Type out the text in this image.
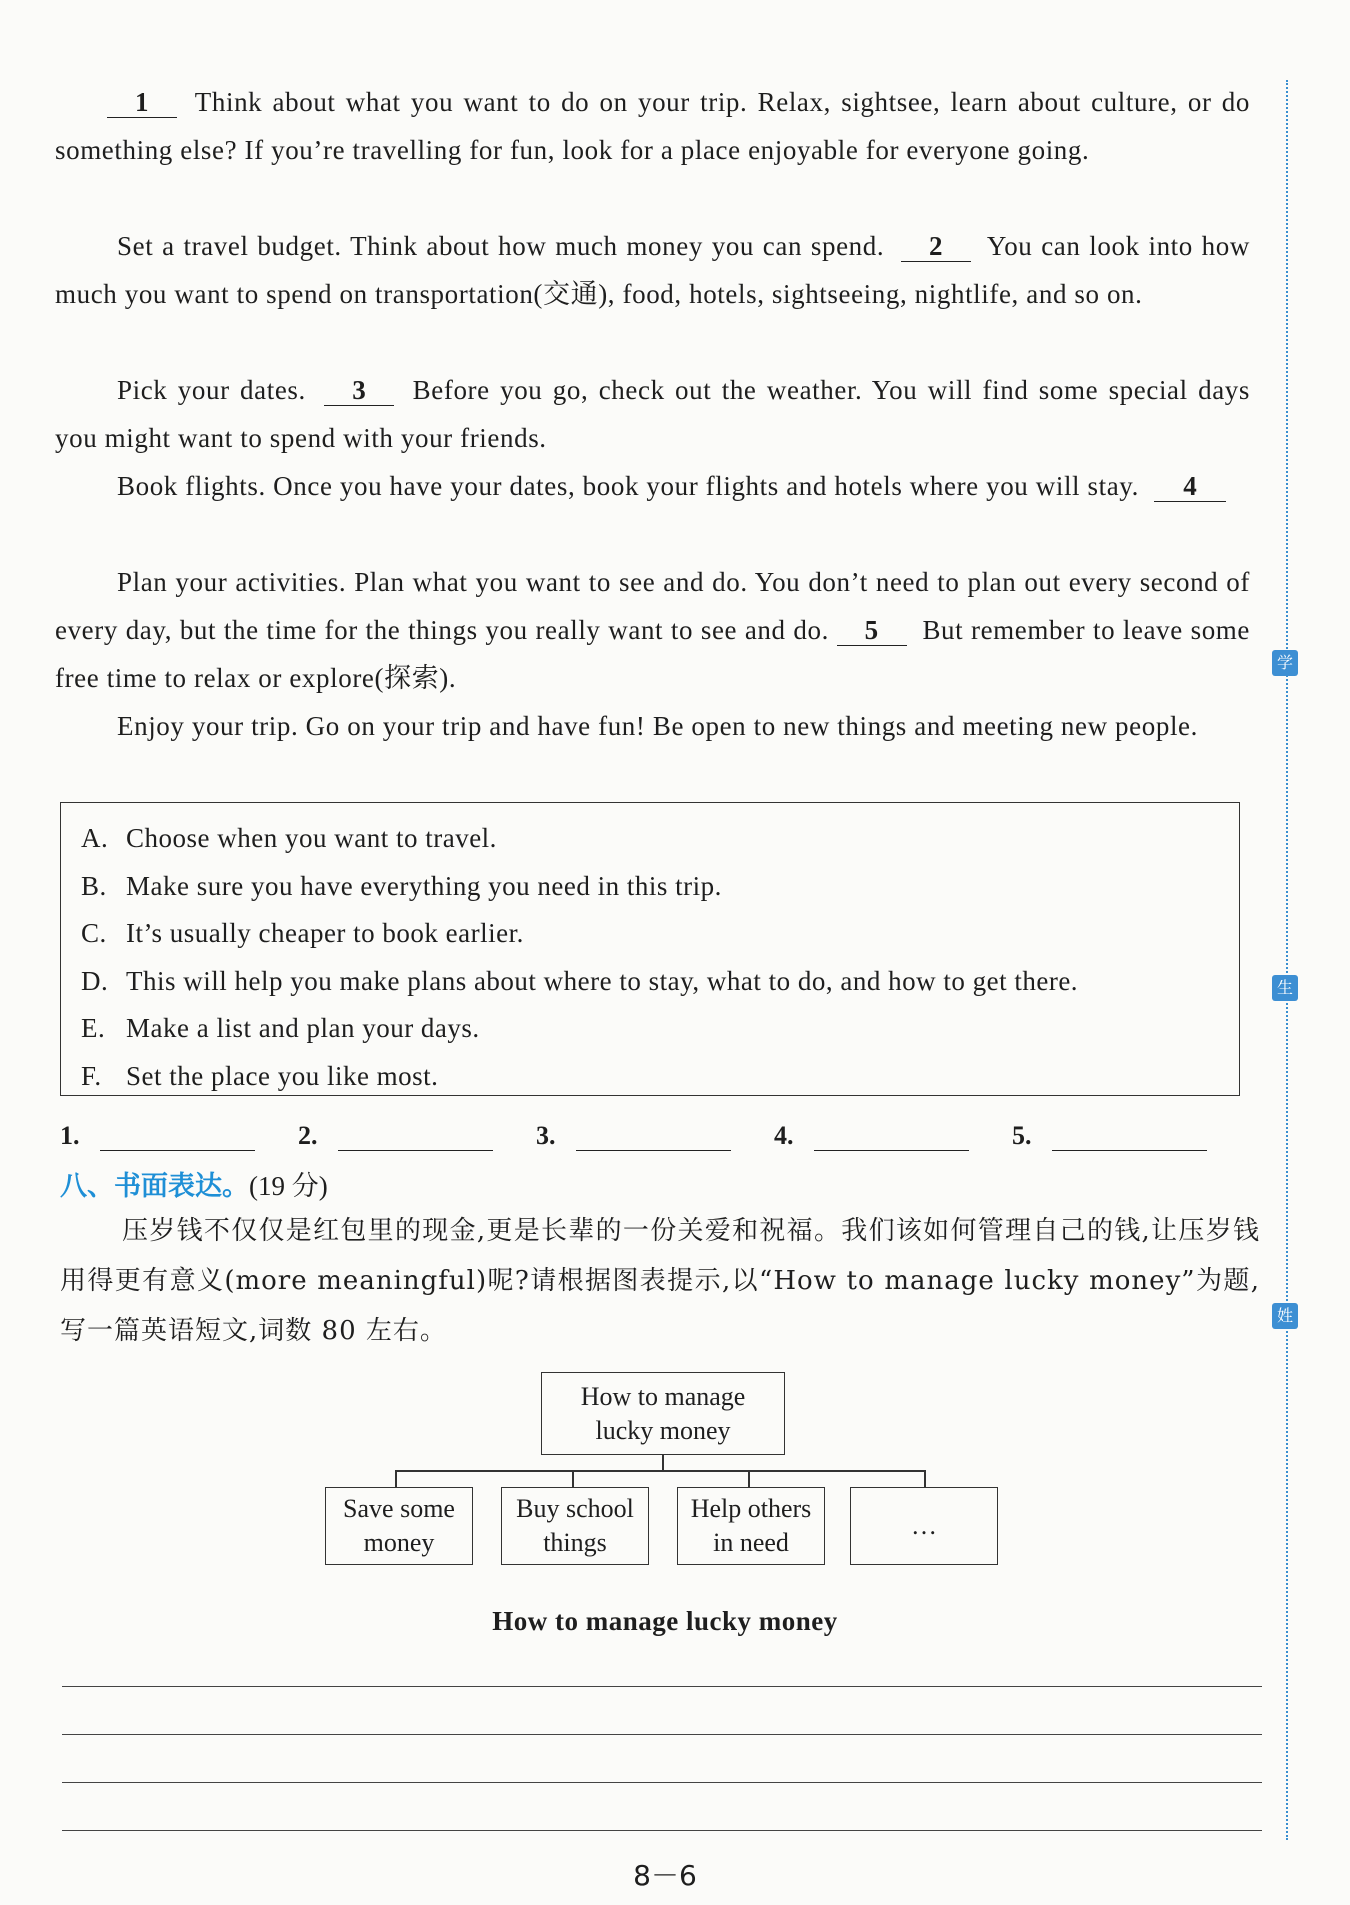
1 Think about what you want to do on your trip. Relax, sightsee, learn about culture, or do something else? If you’re travelling for fun, look for a place enjoyable for everyone going.

Set a travel budget. Think about how much money you can spend. 2 You can look into how much you want to spend on transportation(交通), food, hotels, sightseeing, nightlife, and so on.

Pick your dates. 3 Before you go, check out the weather. You will find some special days you might want to spend with your friends.

Book flights. Once you have your dates, book your flights and hotels where you will stay. 4

Plan your activities. Plan what you want to see and do. You don’t need to plan out every second of every day, but the time for the things you really want to see and do. 5 But remember to leave some free time to relax or explore(探索).

Enjoy your trip. Go on your trip and have fun! Be open to new things and meeting new people.

A. Choose when you want to travel.
B. Make sure you have everything you need in this trip.
C. It’s usually cheaper to book earlier.
D. This will help you make plans about where to stay, what to do, and how to get there.
E. Make a list and plan your days.
F. Set the place you like most.
1.	2.	3.	4.	5.
八、书面表达。(19 分)

压岁钱不仅仅是红包里的现金,更是长辈的一份关爱和祝福。我们该如何管理自己的钱,让压岁钱用得更有意义(more meaningful)呢?请根据图表提示,以“How to manage lucky money”为题,写一篇英语短文,词数 80 左右。

How to manage
lucky money
Save some
money
Buy school
things
Help others
in need
…
How to manage lucky money
8－6
学
生
姓
